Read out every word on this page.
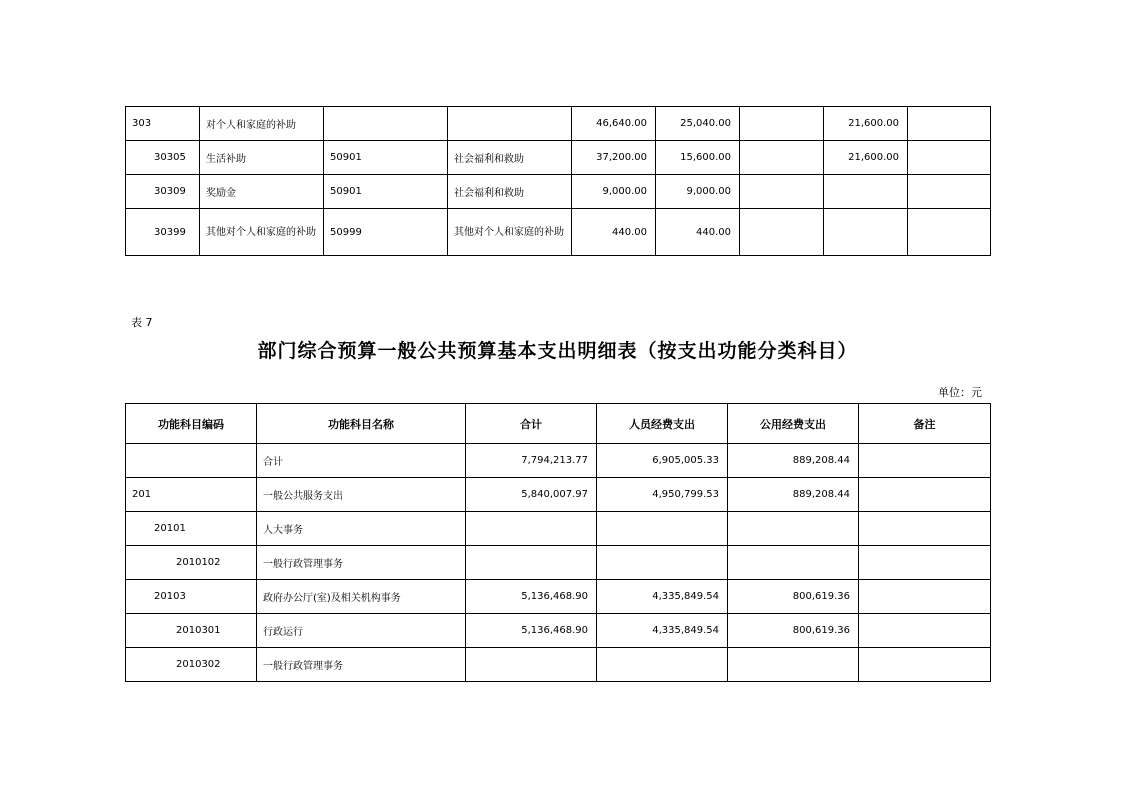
303	对个人和家庭的补助			46,640.00	25,040.00		21,600.00	
30305	生活补助	50901	社会福利和救助	37,200.00	15,600.00		21,600.00	
30309	奖励金	50901	社会福利和救助	9,000.00	9,000.00			
30399	其他对个人和家庭的补助	50999	其他对个人和家庭的补助	440.00	440.00			
表 7
部门综合预算一般公共预算基本支出明细表（按支出功能分类科目）
单位：元
功能科目编码	功能科目名称	合计	人员经费支出	公用经费支出	备注
	合计	7,794,213.77	6,905,005.33	889,208.44	
201	一般公共服务支出	5,840,007.97	4,950,799.53	889,208.44	
20101	人大事务				
2010102	一般行政管理事务				
20103	政府办公厅(室)及相关机构事务	5,136,468.90	4,335,849.54	800,619.36	
2010301	行政运行	5,136,468.90	4,335,849.54	800,619.36	
2010302	一般行政管理事务				
